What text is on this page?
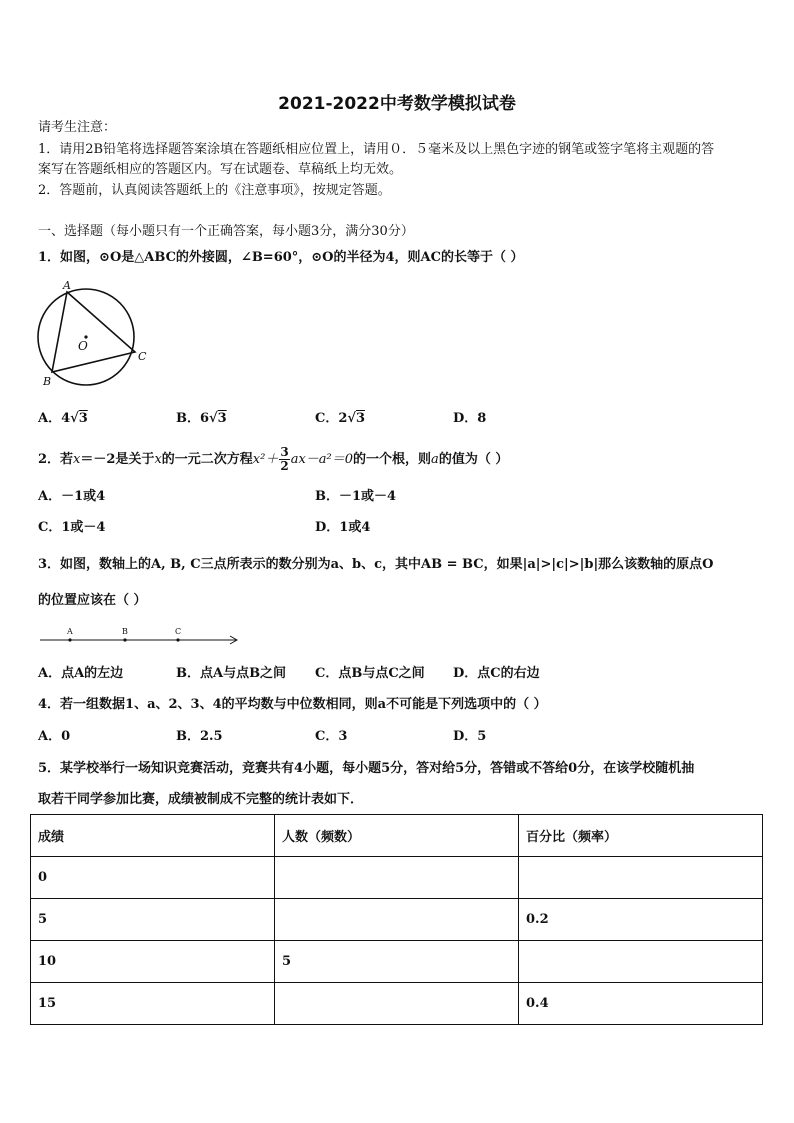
2021-2022中考数学模拟试卷
请考生注意：
1．请用2B铅笔将选择题答案涂填在答题纸相应位置上，请用０．５毫米及以上黑色字迹的钢笔或签字笔将主观题的答
案写在答题纸相应的答题区内。写在试题卷、草稿纸上均无效。
2．答题前，认真阅读答题纸上的《注意事项》，按规定答题。
一、选择题（每小题只有一个正确答案，每小题3分，满分30分）
1．如图，⊙O是△ABC的外接圆，∠B=60°，⊙O的半径为4，则AC的长等于（ ）
A
B
C
O
A．4√3	B．6√3	C．2√3	D．8
2．若x＝－2是关于x的一元二次方程$x^2+ \frac{3}{2} ax-a^2=0$的一个根，则a的值为（ ）
A．－1或4	B．－1或－4
C．1或－4	D．1或4
3．如图，数轴上的A, B, C三点所表示的数分别为a、b、c，其中AB = BC，如果|a|>|c|>|b|那么该数轴的原点O
的位置应该在（ ）
A	B	C
A．点A的左边	B．点A与点B之间 C．点B与点C之间 D．点C的右边
4．若一组数据1、a、2、3、4的平均数与中位数相同，则a不可能是下列选项中的（ ）
A．0	B．2.5	C．3	D．5
5．某学校举行一场知识竞赛活动，竞赛共有4小题，每小题5分，答对给5分，答错或不答给0分，在该学校随机抽
取若干同学参加比赛，成绩被制成不完整的统计表如下．
成绩	人数（频数）	百分比（频率）
0		
5		0.2
10	5	
15		0.4
